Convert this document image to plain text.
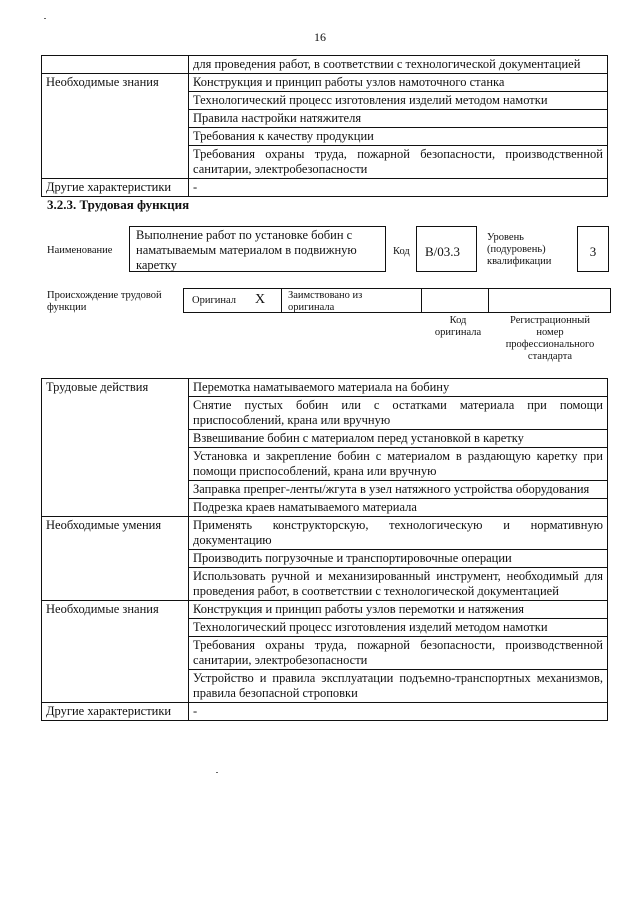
16
	для проведения работ, в соответствии с технологической документацией
Необходимые знания	Конструкция и принцип работы узлов намоточного станка
	Технологический процесс изготовления изделий методом намотки
	Правила настройки натяжителя
	Требования к качеству продукции
	Требования охраны труда, пожарной безопасности, производственной санитарии, электробезопасности
Другие характеристики	-
3.2.3. Трудовая функция
Наименование
Выполнение работ по установке бобин с наматываемым материалом в подвижную каретку
Код	В/03.3
Уровень (подуровень) квалификации
3
Происхождение трудовой функции
Оригинал X Заимствовано из оригинала
Код оригинала
Регистрационный номер профессионального стандарта
Трудовые действия	Перемотка наматываемого материала на бобину
	Снятие пустых бобин или с остатками материала при помощи приспособлений, крана или вручную
	Взвешивание бобин с материалом перед установкой в каретку
	Установка и закрепление бобин с материалом в раздающую каретку при помощи приспособлений, крана или вручную
	Заправка препрег-ленты/жгута в узел натяжного устройства оборудования
	Подрезка краев наматываемого материала
Необходимые умения	Применять конструкторскую, технологическую и нормативную документацию
	Производить погрузочные и транспортировочные операции
	Использовать ручной и механизированный инструмент, необходимый для проведения работ, в соответствии с технологической документацией
Необходимые знания	Конструкция и принцип работы узлов перемотки и натяжения
	Технологический процесс изготовления изделий методом намотки
	Требования охраны труда, пожарной безопасности, производственной санитарии, электробезопасности
	Устройство и правила эксплуатации подъемно-транспортных механизмов, правила безопасной строповки
Другие характеристики	-
